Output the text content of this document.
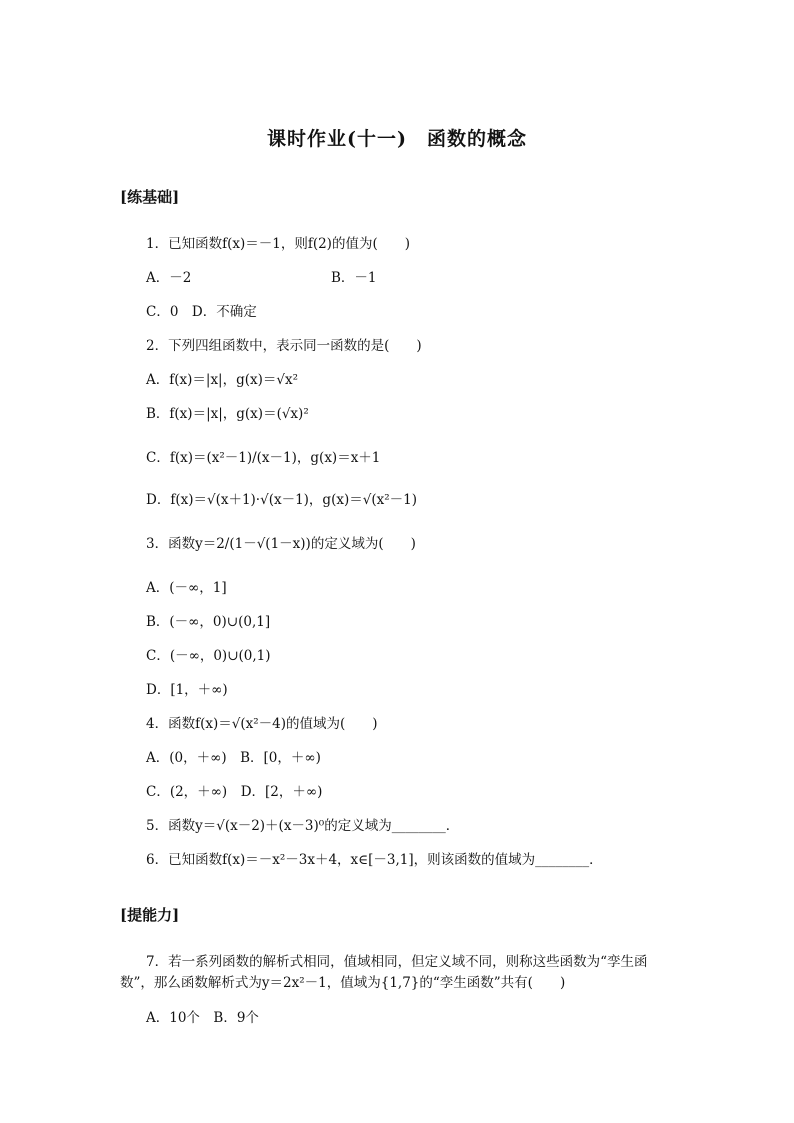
课时作业(十一)　函数的概念
[练基础]
1．已知函数f(x)＝－1，则f(2)的值为(　　)
A．－2	B．－1
C．0　D．不确定
2．下列四组函数中，表示同一函数的是(　　)
A．f(x)＝|x|，g(x)＝√x²
B．f(x)＝|x|，g(x)＝(√x)²
C．f(x)＝(x²－1)/(x－1)，g(x)＝x＋1
D．f(x)＝√(x＋1)·√(x－1)，g(x)＝√(x²－1)
3．函数y＝2/(1－√(1－x))的定义域为(　　)
A．(－∞，1]
B．(－∞，0)∪(0,1]
C．(－∞，0)∪(0,1)
D．[1，＋∞)
4．函数f(x)＝√(x²－4)的值域为(　　)
A．(0，＋∞)　B．[0，＋∞)
C．(2，＋∞)　D．[2，＋∞)
5．函数y＝√(x－2)＋(x－3)⁰的定义域为________．
6．已知函数f(x)＝－x²－3x＋4，x∈[－3,1]，则该函数的值域为________．
[提能力]
7．若一系列函数的解析式相同，值域相同，但定义域不同，则称这些函数为“孪生函
数”，那么函数解析式为y＝2x²－1，值域为{1,7}的“孪生函数”共有(　　)
A．10个　B．9个
